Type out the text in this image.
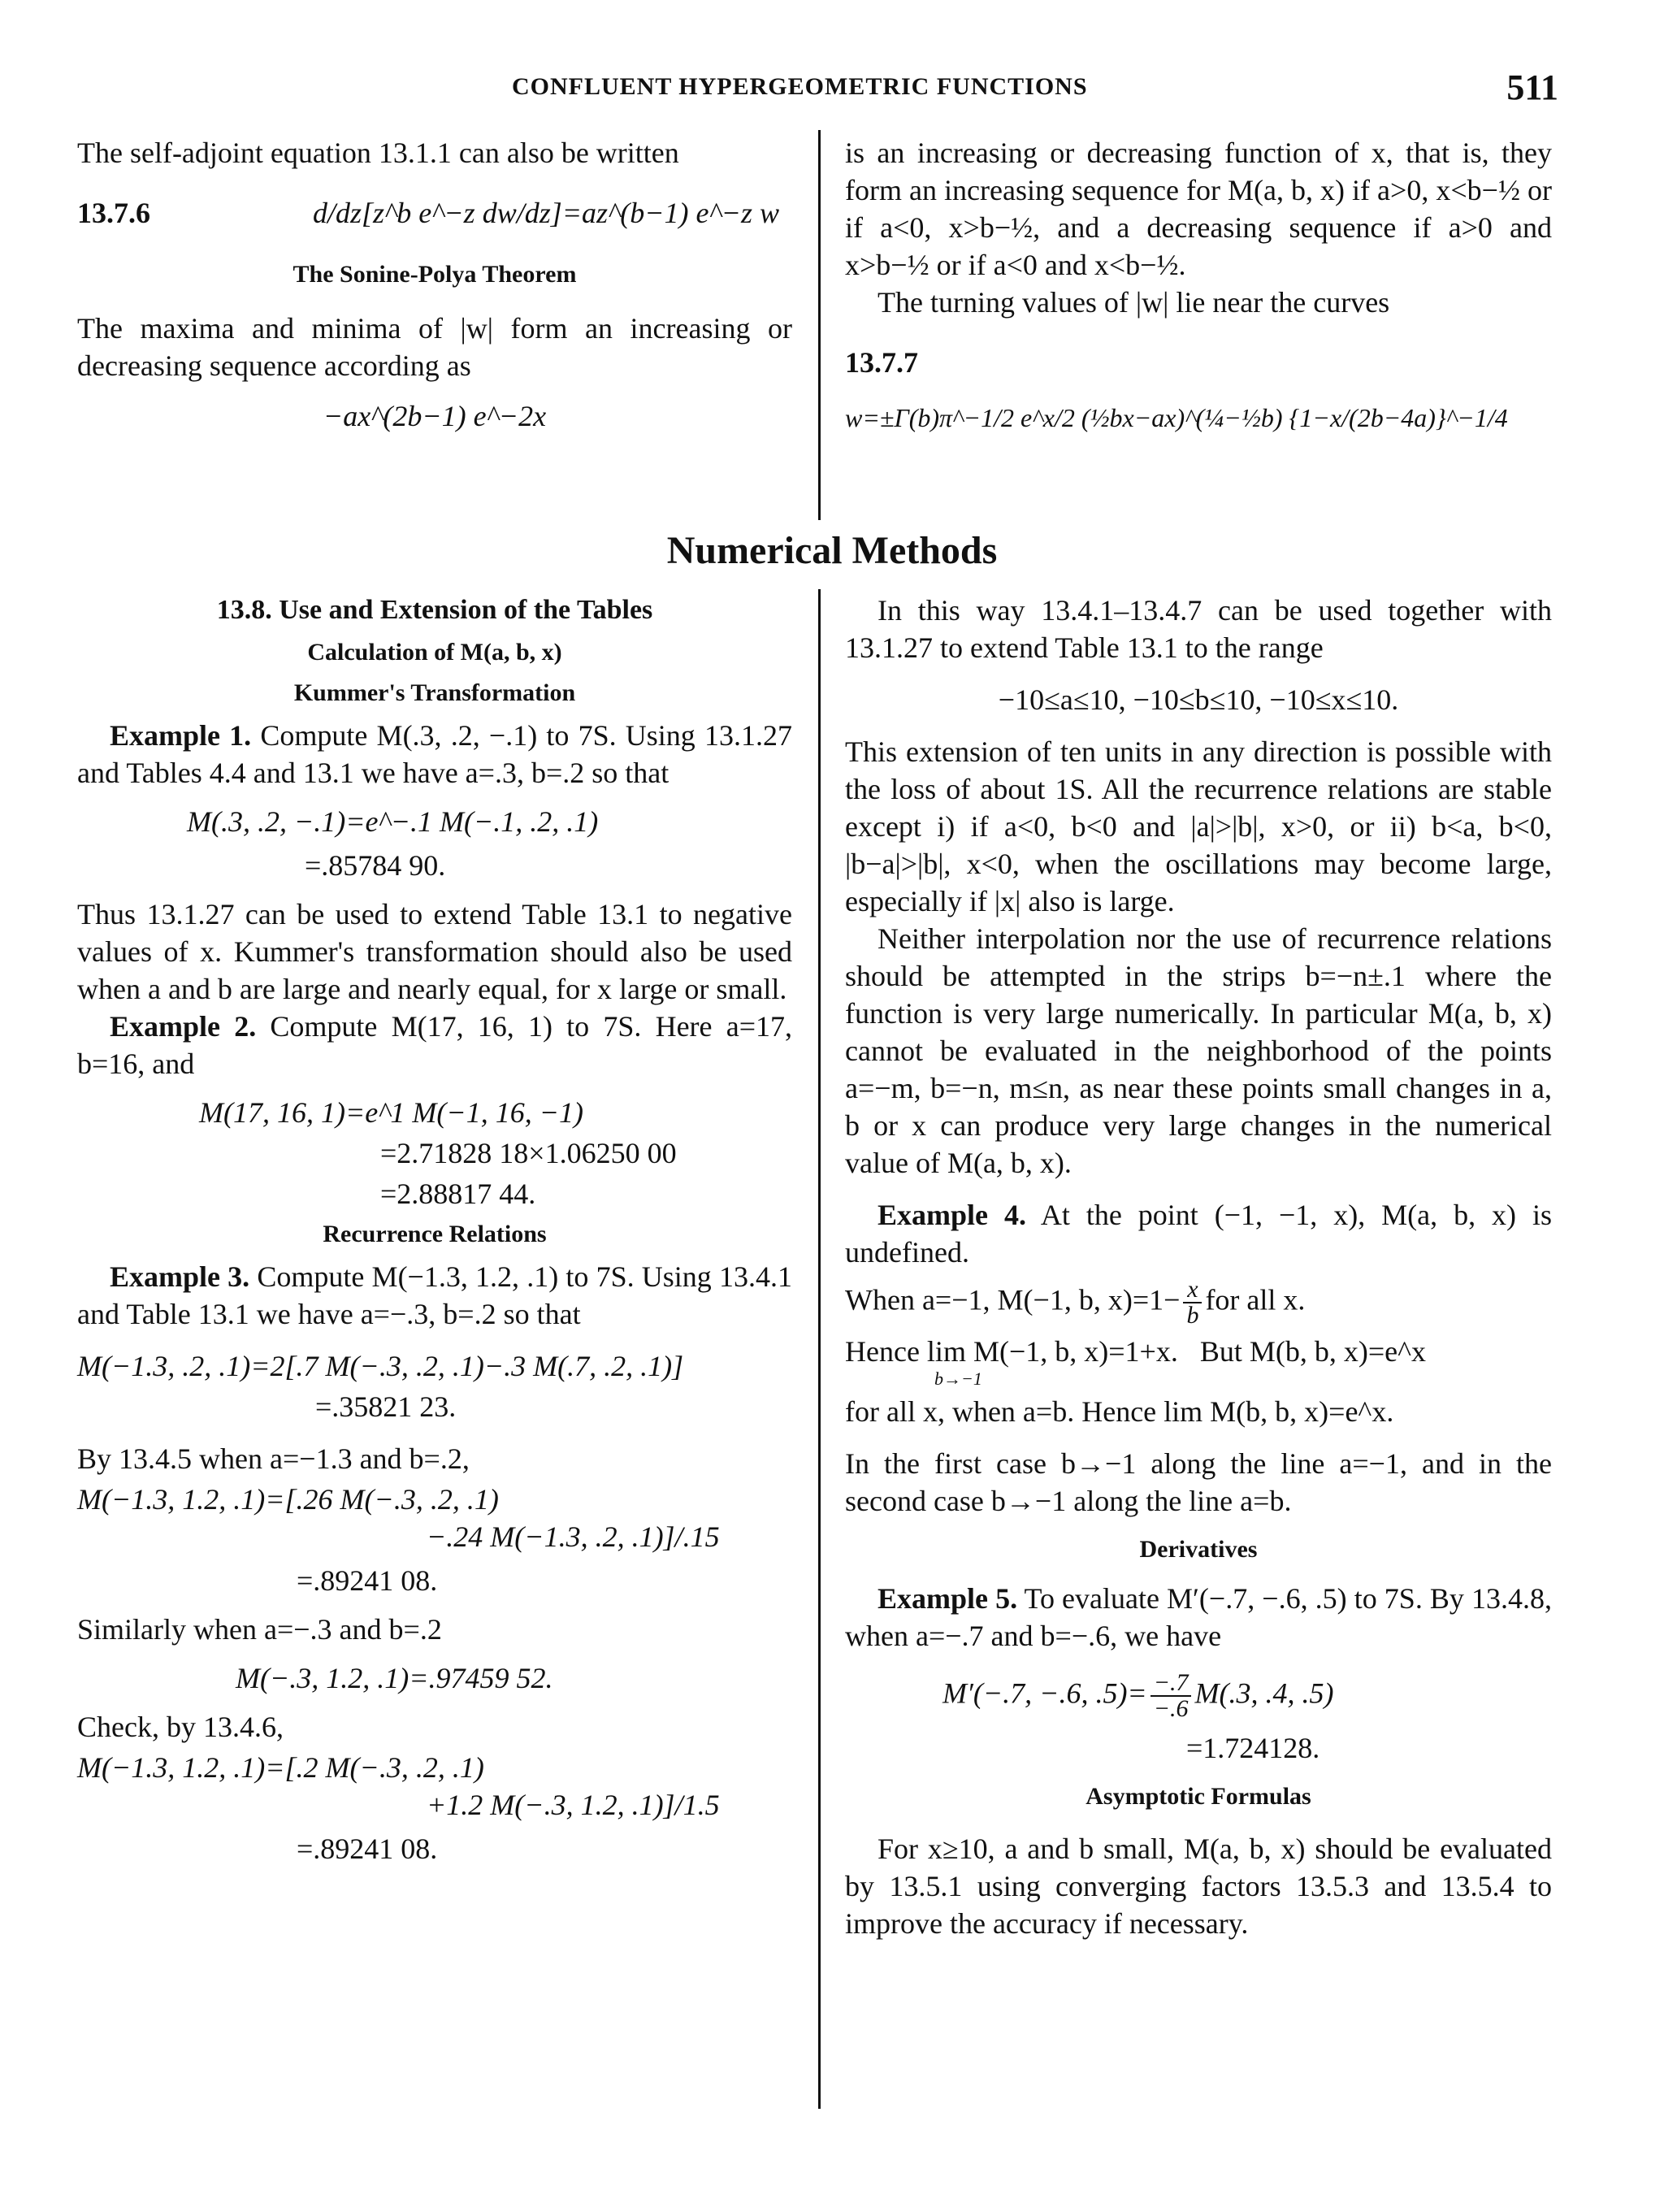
CONFLUENT HYPERGEOMETRIC FUNCTIONS	511

The self-adjoint equation 13.1.1 can also be written

13.7.6	d/dz[z^b e^−z dw/dz]=az^(b−1) e^−z w

The Sonine-Polya Theorem

The maxima and minima of |w| form an increasing or decreasing sequence according as

−ax^(2b−1) e^−2x

is an increasing or decreasing function of x, that is, they form an increasing sequence for M(a, b, x) if a>0, x<b−½ or if a<0, x>b−½, and a decreasing sequence if a>0 and x>b−½ or if a<0 and x<b−½.

The turning values of |w| lie near the curves

13.7.7

w=±Γ(b)π^−1/2 e^x/2 (½bx−ax)^(¼−½b) {1−x/(2b−4a)}^−1/4

Numerical Methods

13.8. Use and Extension of the Tables

Calculation of M(a, b, x)

Kummer's Transformation

Example 1. Compute M(.3, .2, −.1) to 7S. Using 13.1.27 and Tables 4.4 and 13.1 we have a=.3, b=.2 so that

M(.3, .2, −.1)=e^−.1 M(−.1, .2, .1)

=.85784 90.

Thus 13.1.27 can be used to extend Table 13.1 to negative values of x. Kummer's transformation should also be used when a and b are large and nearly equal, for x large or small.

Example 2. Compute M(17, 16, 1) to 7S. Here a=17, b=16, and

M(17, 16, 1)=e^1 M(−1, 16, −1)

=2.71828 18×1.06250 00

=2.88817 44.

Recurrence Relations

Example 3. Compute M(−1.3, 1.2, .1) to 7S. Using 13.4.1 and Table 13.1 we have a=−.3, b=.2 so that

M(−1.3, .2, .1)=2[.7 M(−.3, .2, .1)−.3 M(.7, .2, .1)]

=.35821 23.

By 13.4.5 when a=−1.3 and b=.2,

M(−1.3, 1.2, .1)=[.26 M(−.3, .2, .1)

−.24 M(−1.3, .2, .1)]/.15

=.89241 08.

Similarly when a=−.3 and b=.2

M(−.3, 1.2, .1)=.97459 52.

Check, by 13.4.6,

M(−1.3, 1.2, .1)=[.2 M(−.3, .2, .1)

+1.2 M(−.3, 1.2, .1)]/1.5

=.89241 08.

In this way 13.4.1–13.4.7 can be used together with 13.1.27 to extend Table 13.1 to the range

−10≤a≤10, −10≤b≤10, −10≤x≤10.

This extension of ten units in any direction is possible with the loss of about 1S. All the recurrence relations are stable except i) if a<0, b<0 and |a|>|b|, x>0, or ii) b<a, b<0, |b−a|>|b|, x<0, when the oscillations may become large, especially if |x| also is large.

Neither interpolation nor the use of recurrence relations should be attempted in the strips b=−n±.1 where the function is very large numerically. In particular M(a, b, x) cannot be evaluated in the neighborhood of the points a=−m, b=−n, m≤n, as near these points small changes in a, b or x can produce very large changes in the numerical value of M(a, b, x).

Example 4. At the point (−1, −1, x), M(a, b, x) is undefined.

When a=−1, M(−1, b, $x)=1- \frac{x}{b}$ for all x.

Hence lim M(−1, b, x)=1+x. But M(b, b, x)=e^x

b→−1

for all x, when a=b. Hence lim M(b, b, x)=e^x.

In the first case b→−1 along the line a=−1, and in the second case b→−1 along the line a=b.

Derivatives

Example 5. To evaluate M′(−.7, −.6, .5) to 7S. By 13.4.8, when a=−.7 and b=−.6, we have

M′(−.7, −.6, $.5)= \frac{-.7}{-.6} M(.3$, .4, .5)

=1.724128.

Asymptotic Formulas

For x≥10, a and b small, M(a, b, x) should be evaluated by 13.5.1 using converging factors 13.5.3 and 13.5.4 to improve the accuracy if necessary.
